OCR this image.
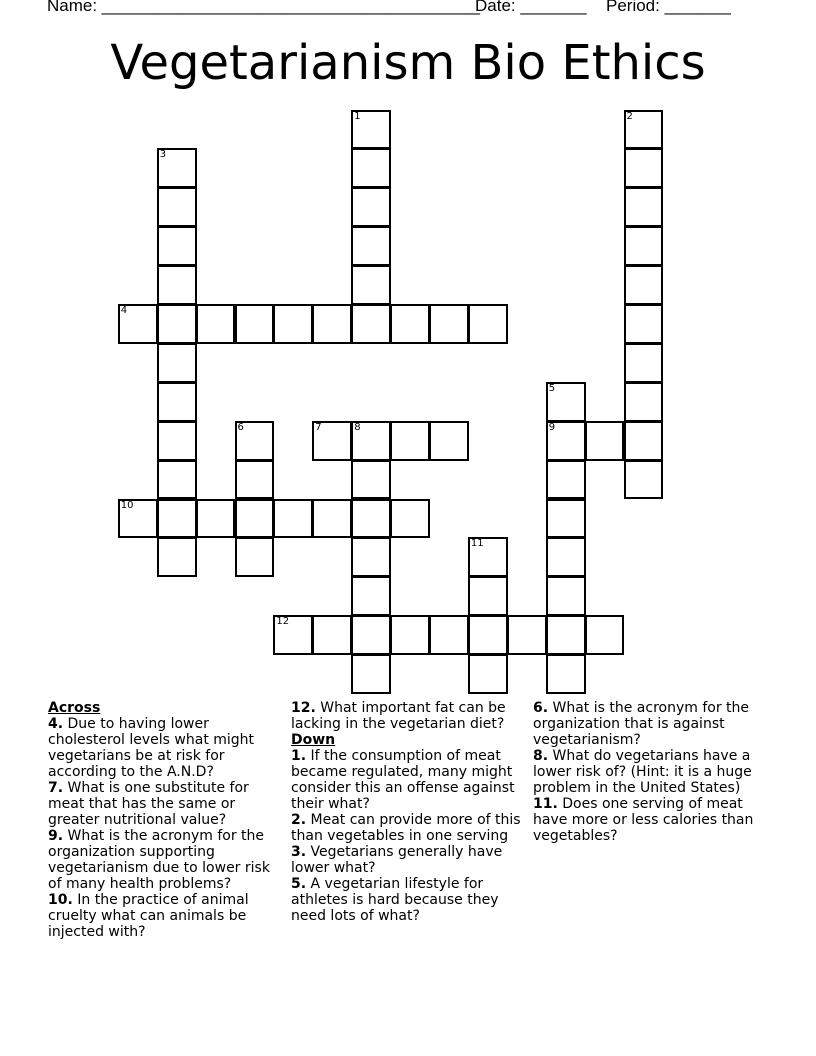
Name: ________________________________________

Date: _______

Period: _______

Vegetarianism Bio Ethics
1	2
3
4
5
6	7	8	9
10
11
12
Across
4. Due to having lower cholesterol levels what might vegetarians be at risk for according to the A.N.D?
7. What is one substitute for meat that has the same or greater nutritional value?
9. What is the acronym for the organization supporting vegetarianism due to lower risk of many health problems?
10. In the practice of animal cruelty what can animals be injected with?
12. What important fat can be lacking in the vegetarian diet?
Down
1. If the consumption of meat became regulated, many might consider this an offense against their what?
2. Meat can provide more of this than vegetables in one serving
3. Vegetarians generally have lower what?
5. A vegetarian lifestyle for athletes is hard because they need lots of what?
6. What is the acronym for the organization that is against vegetarianism?
8. What do vegetarians have a lower risk of? (Hint: it is a huge problem in the United States)
11. Does one serving of meat have more or less calories than vegetables?
